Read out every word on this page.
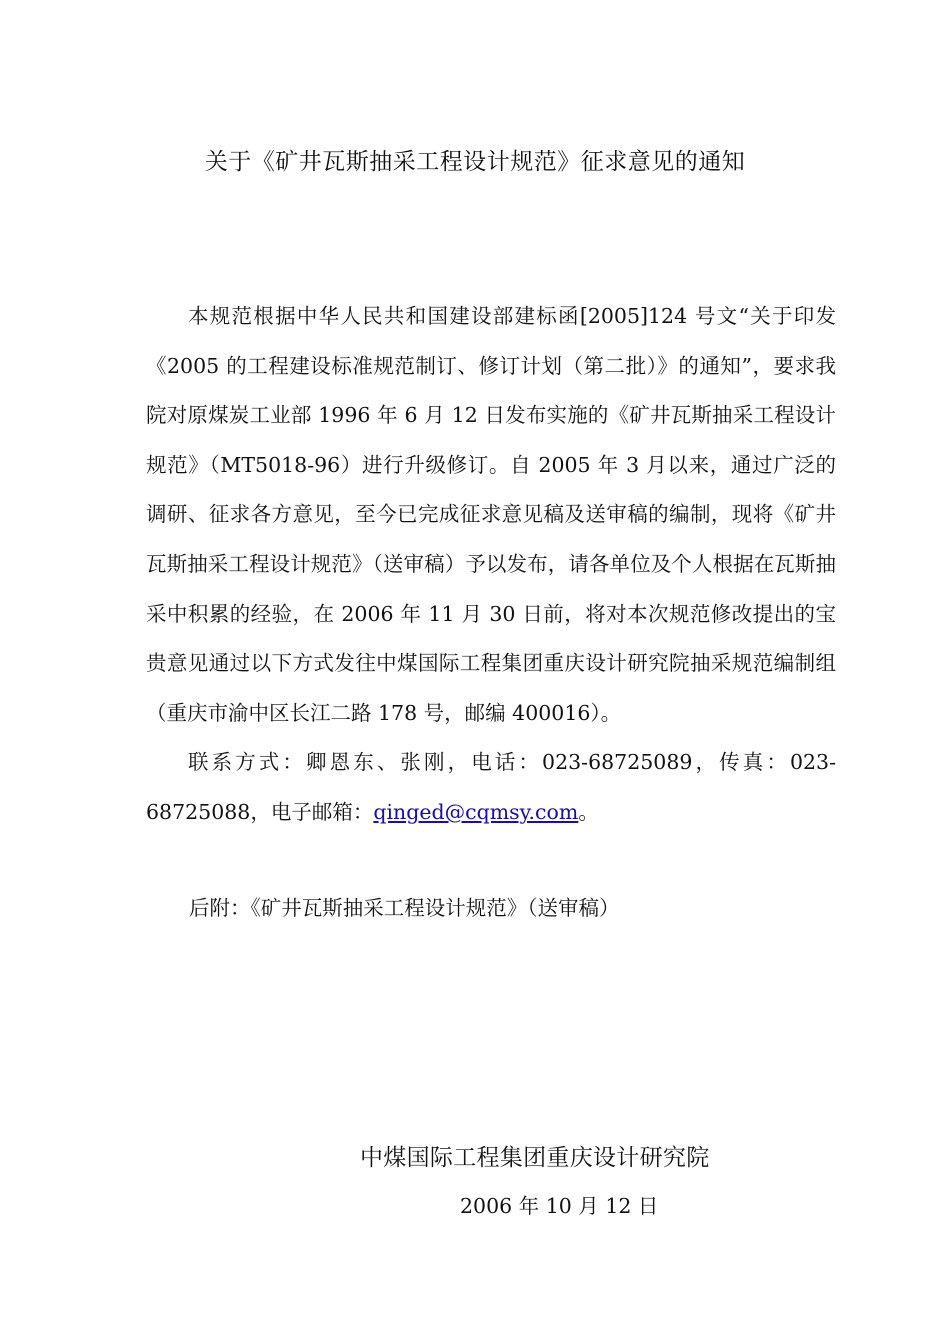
关于《矿井瓦斯抽采工程设计规范》征求意见的通知

本规范根据中华人民共和国建设部建标函[2005]124 号文“关于印发《2005 的工程建设标准规范制订、修订计划（第二批）》的通知”，要求我院对原煤炭工业部 1996 年 6 月 12 日发布实施的《矿井瓦斯抽采工程设计规范》（MT5018-96）进行升级修订。自 2005 年 3 月以来，通过广泛的调研、征求各方意见，至今已完成征求意见稿及送审稿的编制，现将《矿井瓦斯抽采工程设计规范》（送审稿）予以发布，请各单位及个人根据在瓦斯抽采中积累的经验，在 2006 年 11 月 30 日前，将对本次规范修改提出的宝贵意见通过以下方式发往中煤国际工程集团重庆设计研究院抽采规范编制组（重庆市渝中区长江二路 178 号，邮编 400016）。

联系方式：卿恩东、张刚，电话：023-68725089，传真：023-68725088，电子邮箱：qinged@cqmsy.com。

后附：《矿井瓦斯抽采工程设计规范》（送审稿）
中煤国际工程集团重庆设计研究院
2006 年 10 月 12 日
